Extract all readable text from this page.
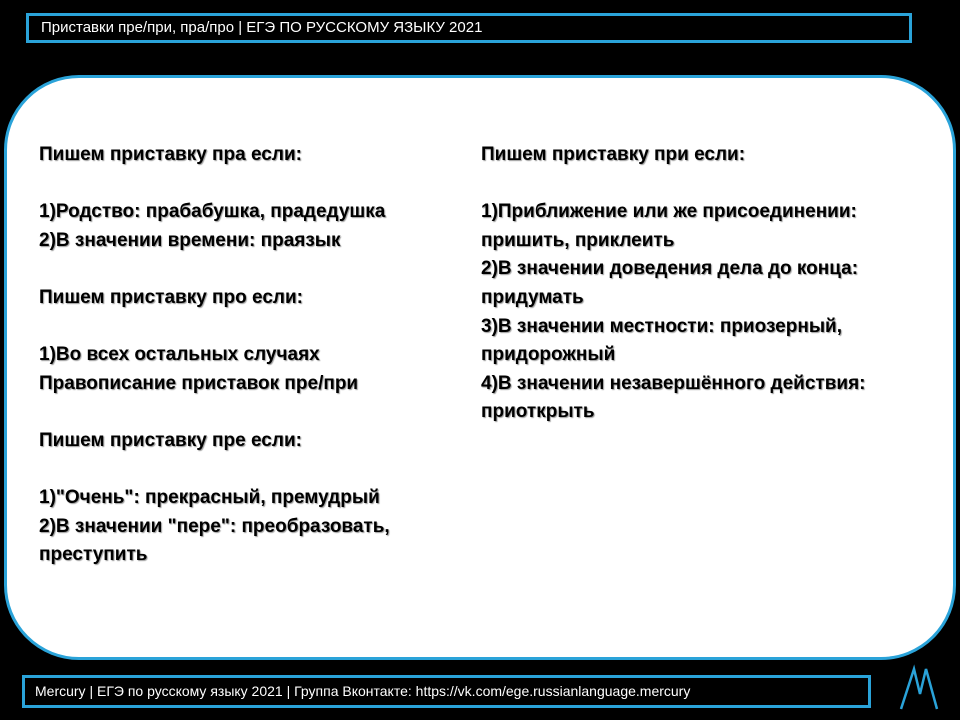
Приставки пре/при, пра/про | ЕГЭ ПО РУССКОМУ ЯЗЫКУ 2021
Пишем приставку пра если:
1)Родство: прабабушка, прадедушка
2)В значении времени: праязык
Пишем приставку про если:
1)Во всех остальных случаях
Правописание приставок пре/при
Пишем приставку пре если:
1)"Очень": прекрасный, премудрый
2)В значении "пере": преобразовать,
преступить
Пишем приставку при если:
1)Приближение или же присоединении:
пришить, приклеить
2)В значении доведения дела до конца:
придумать
3)В значении местности: приозерный,
придорожный
4)В значении незавершённого действия:
приоткрыть
Mercury | ЕГЭ по русскому языку 2021 | Группа Вконтакте: https://vk.com/ege.russianlanguage.mercury
